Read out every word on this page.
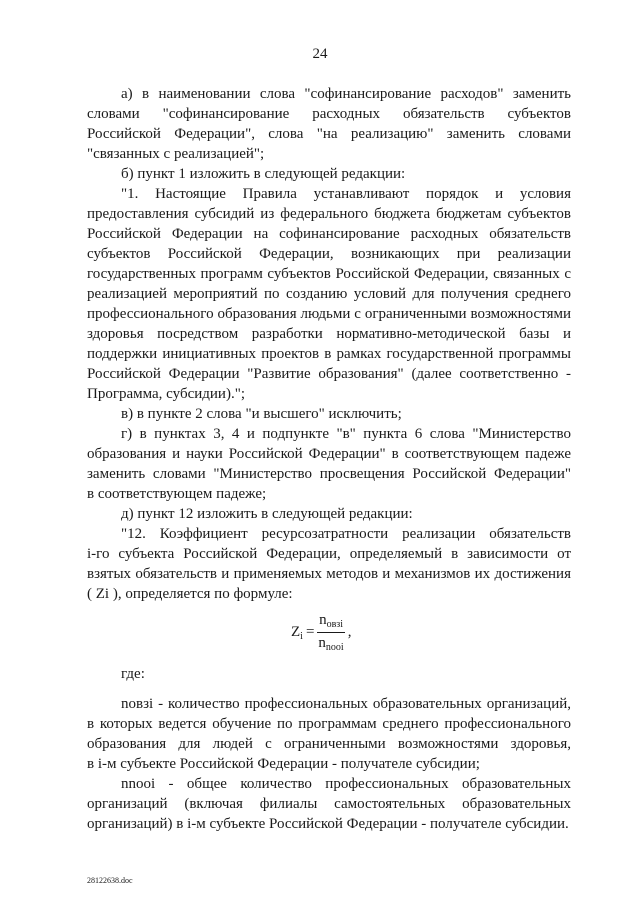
24
а) в наименовании слова "софинансирование расходов" заменить
словами "софинансирование расходных обязательств субъектов
Российской Федерации", слова "на реализацию" заменить словами
"связанных с реализацией";
б) пункт 1 изложить в следующей редакции:
"1. Настоящие Правила устанавливают порядок и условия
предоставления субсидий из федерального бюджета бюджетам субъектов
Российской Федерации на софинансирование расходных обязательств
субъектов Российской Федерации, возникающих при реализации
государственных программ субъектов Российской Федерации, связанных с
реализацией мероприятий по созданию условий для получения среднего
профессионального образования людьми с ограниченными возможностями
здоровья посредством разработки нормативно-методической базы и
поддержки инициативных проектов в рамках государственной программы
Российской Федерации "Развитие образования" (далее соответственно -
Программа, субсидии).";
в) в пункте 2 слова "и высшего" исключить;
г) в пунктах 3, 4 и подпункте "в" пункта 6 слова "Министерство
образования и науки Российской Федерации" в соответствующем падеже
заменить словами "Министерство просвещения Российской Федерации"
в соответствующем падеже;
д) пункт 12 изложить в следующей редакции:
"12. Коэффициент ресурсозатратности реализации обязательств
i-го субъекта Российской Федерации, определяемый в зависимости от
взятых обязательств и применяемых методов и механизмов их достижения
( Zi ), определяется по формуле:
$Z_i = \frac{n_{овзi}}{n_{nooi}}$ ,
где:
nовзi - количество профессиональных образовательных организаций,
в которых ведется обучение по программам среднего профессионального
образования для людей с ограниченными возможностями здоровья,
в i-м субъекте Российской Федерации - получателе субсидии;
nnooi - общее количество профессиональных образовательных
организаций (включая филиалы самостоятельных образовательных
организаций) в i-м субъекте Российской Федерации - получателе субсидии.
28122638.doc
